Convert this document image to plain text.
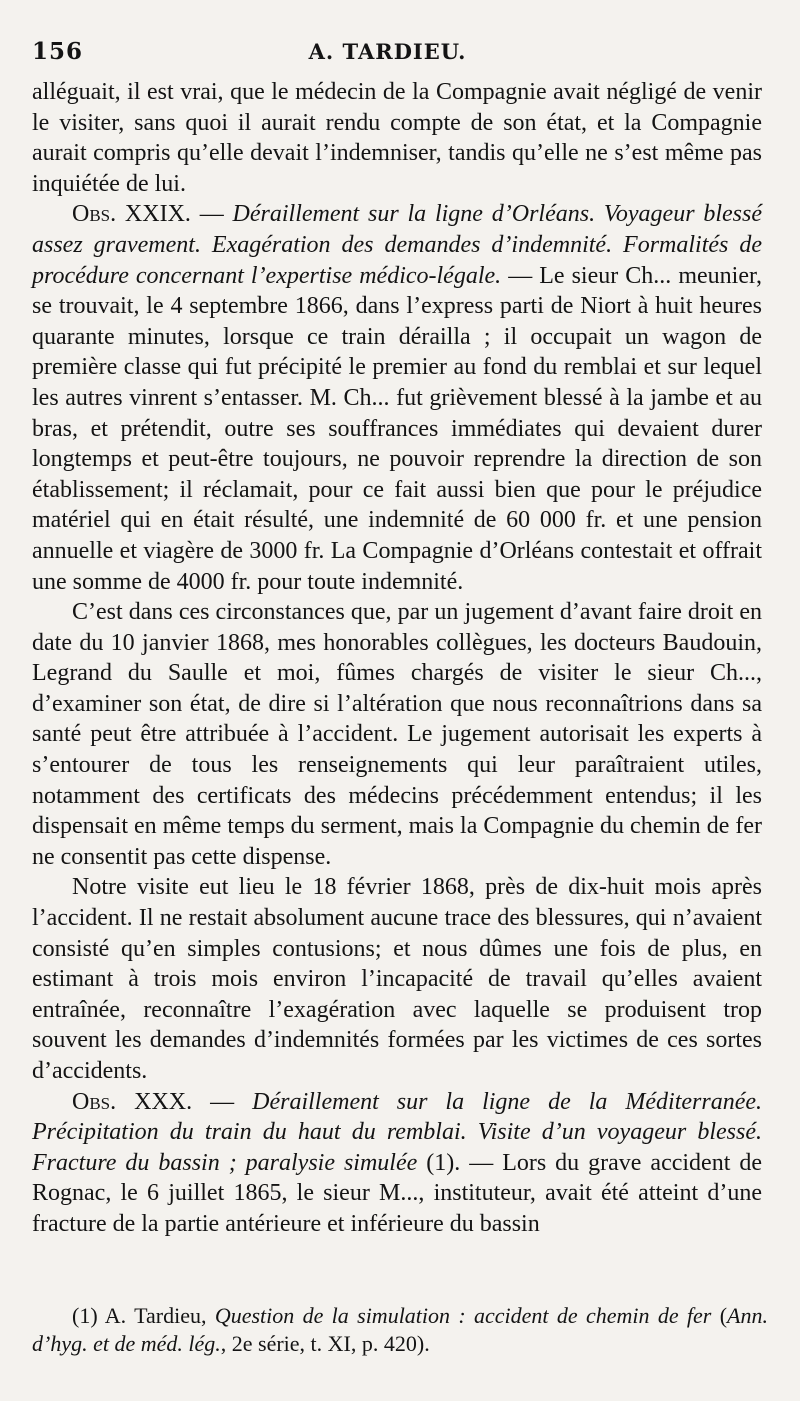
156	A. TARDIEU.

alléguait, il est vrai, que le médecin de la Compagnie avait négligé de venir le visiter, sans quoi il aurait rendu compte de son état, et la Compagnie aurait compris qu’elle devait l’indemniser, tandis qu’elle ne s’est même pas inquiétée de lui.

Obs. XXIX. — Déraillement sur la ligne d’Orléans. Voyageur blessé assez gravement. Exagération des demandes d’indemnité. Formalités de procédure concernant l’expertise médico-légale. — Le sieur Ch... meunier, se trouvait, le 4 septembre 1866, dans l’express parti de Niort à huit heures quarante minutes, lorsque ce train dérailla ; il occupait un wagon de première classe qui fut précipité le premier au fond du remblai et sur lequel les autres vinrent s’entasser. M. Ch... fut grièvement blessé à la jambe et au bras, et prétendit, outre ses souffrances immédiates qui devaient durer longtemps et peut-être toujours, ne pouvoir reprendre la direction de son établissement; il réclamait, pour ce fait aussi bien que pour le préjudice matériel qui en était résulté, une indemnité de 60 000 fr. et une pension annuelle et viagère de 3000 fr. La Compagnie d’Orléans contestait et offrait une somme de 4000 fr. pour toute indemnité.

C’est dans ces circonstances que, par un jugement d’avant faire droit en date du 10 janvier 1868, mes honorables collègues, les docteurs Baudouin, Legrand du Saulle et moi, fûmes chargés de visiter le sieur Ch..., d’examiner son état, de dire si l’altération que nous reconnaîtrions dans sa santé peut être attribuée à l’accident. Le jugement autorisait les experts à s’entourer de tous les renseignements qui leur paraîtraient utiles, notamment des certificats des médecins précédemment entendus; il les dispensait en même temps du serment, mais la Compagnie du chemin de fer ne consentit pas cette dispense.

Notre visite eut lieu le 18 février 1868, près de dix-huit mois après l’accident. Il ne restait absolument aucune trace des blessures, qui n’avaient consisté qu’en simples contusions; et nous dûmes une fois de plus, en estimant à trois mois environ l’incapacité de travail qu’elles avaient entraînée, reconnaître l’exagération avec laquelle se produisent trop souvent les demandes d’indemnités formées par les victimes de ces sortes d’accidents.

Obs. XXX. — Déraillement sur la ligne de la Méditerranée. Précipitation du train du haut du remblai. Visite d’un voyageur blessé. Fracture du bassin ; paralysie simulée (1). — Lors du grave accident de Rognac, le 6 juillet 1865, le sieur M..., instituteur, avait été atteint d’une fracture de la partie antérieure et inférieure du bassin

(1) A. Tardieu, Question de la simulation : accident de chemin de fer (Ann. d’hyg. et de méd. lég., 2e série, t. XI, p. 420).
